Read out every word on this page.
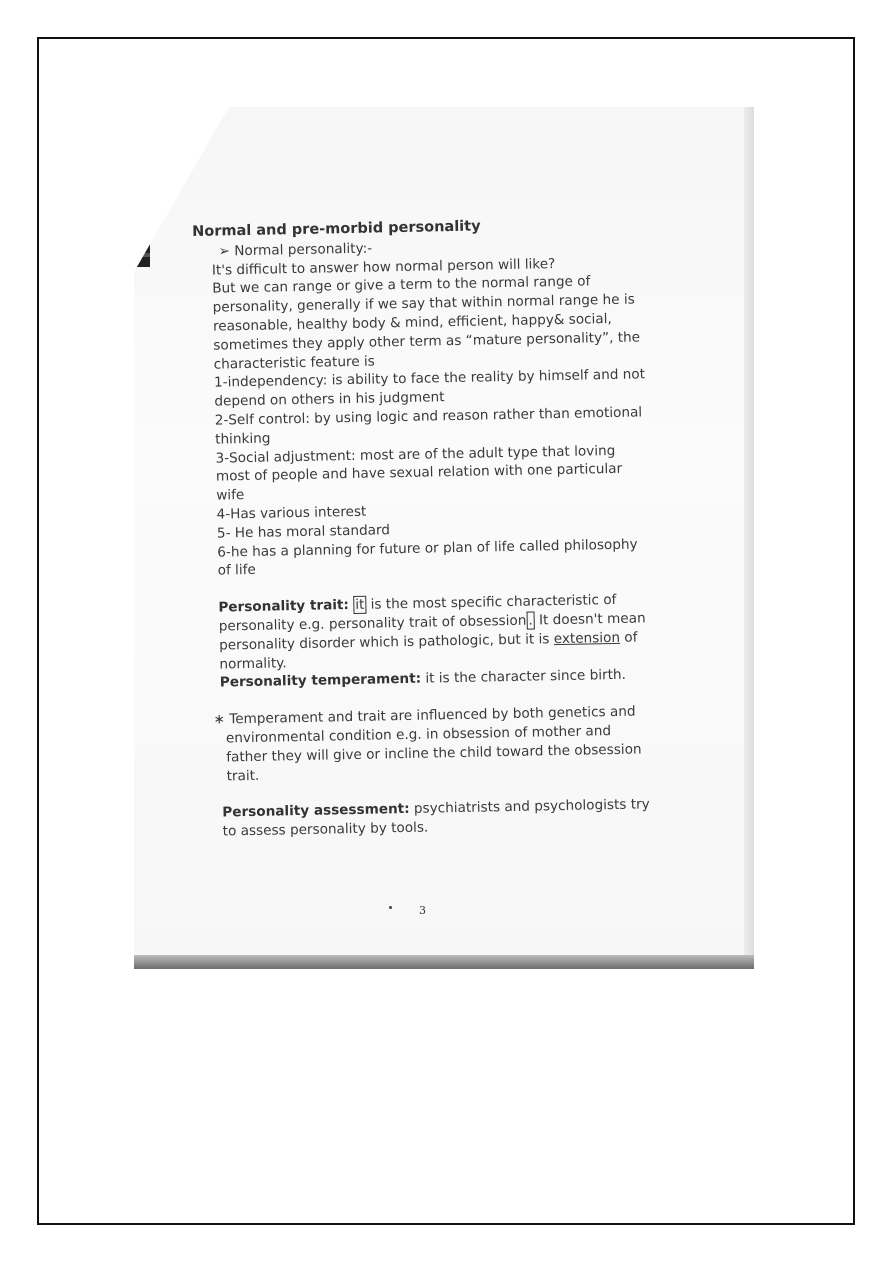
Normal and pre-morbid personality
➢ Normal personality:-
It's difficult to answer how normal person will like?
But we can range or give a term to the normal range of personality, generally if we say that within normal range he is reasonable, healthy body & mind, efficient, happy& social, sometimes they apply other term as “mature personality”, the characteristic feature is
1-independency: is ability to face the reality by himself and not depend on others in his judgment
2-Self control: by using logic and reason rather than emotional thinking
3-Social adjustment: most are of the adult type that loving most of people and have sexual relation with one particular wife
4-Has various interest
5- He has moral standard
6-he has a planning for future or plan of life called philosophy of life
Personality trait: it is the most specific characteristic of personality e.g. personality trait of obsession . It doesn't mean personality disorder which is pathologic, but it is extension of normality.
Personality temperament: it is the character since birth.
∗ Temperament and trait are influenced by both genetics and environmental condition e.g. in obsession of mother and father they will give or incline the child toward the obsession trait.
Personality assessment: psychiatrists and psychologists try to assess personality by tools.
3
